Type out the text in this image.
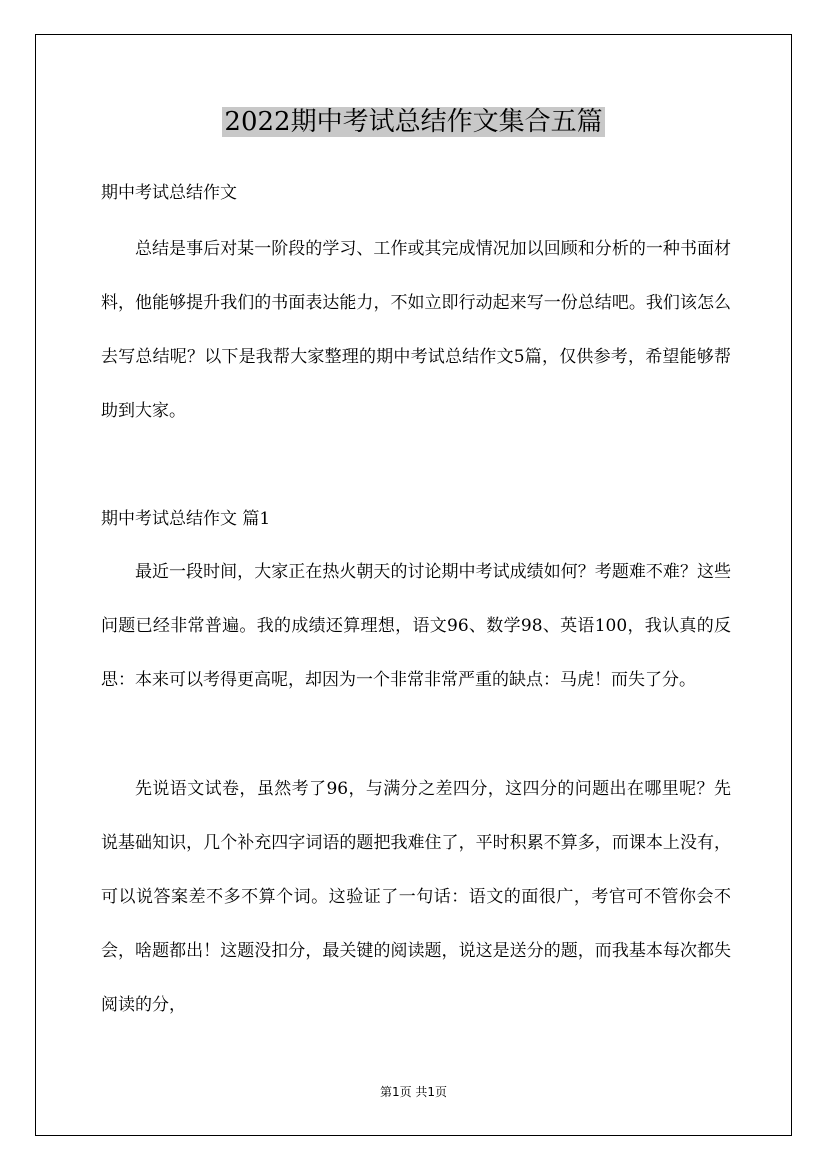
2022期中考试总结作文集合五篇
期中考试总结作文

总结是事后对某一阶段的学习、工作或其完成情况加以回顾和分析的一种书面材料，他能够提升我们的书面表达能力，不如立即行动起来写一份总结吧。我们该怎么去写总结呢？以下是我帮大家整理的期中考试总结作文5篇，仅供参考，希望能够帮助到大家。

期中考试总结作文 篇1

最近一段时间，大家正在热火朝天的讨论期中考试成绩如何？考题难不难？这些问题已经非常普遍。我的成绩还算理想，语文96、数学98、英语100，我认真的反思：本来可以考得更高呢，却因为一个非常非常严重的缺点：马虎！而失了分。

先说语文试卷，虽然考了96，与满分之差四分，这四分的问题出在哪里呢？先说基础知识，几个补充四字词语的题把我难住了，平时积累不算多，而课本上没有，可以说答案差不多不算个词。这验证了一句话：语文的面很广，考官可不管你会不会，啥题都出！这题没扣分，最关键的阅读题，说这是送分的题，而我基本每次都失阅读的分，

第1页 共1页
